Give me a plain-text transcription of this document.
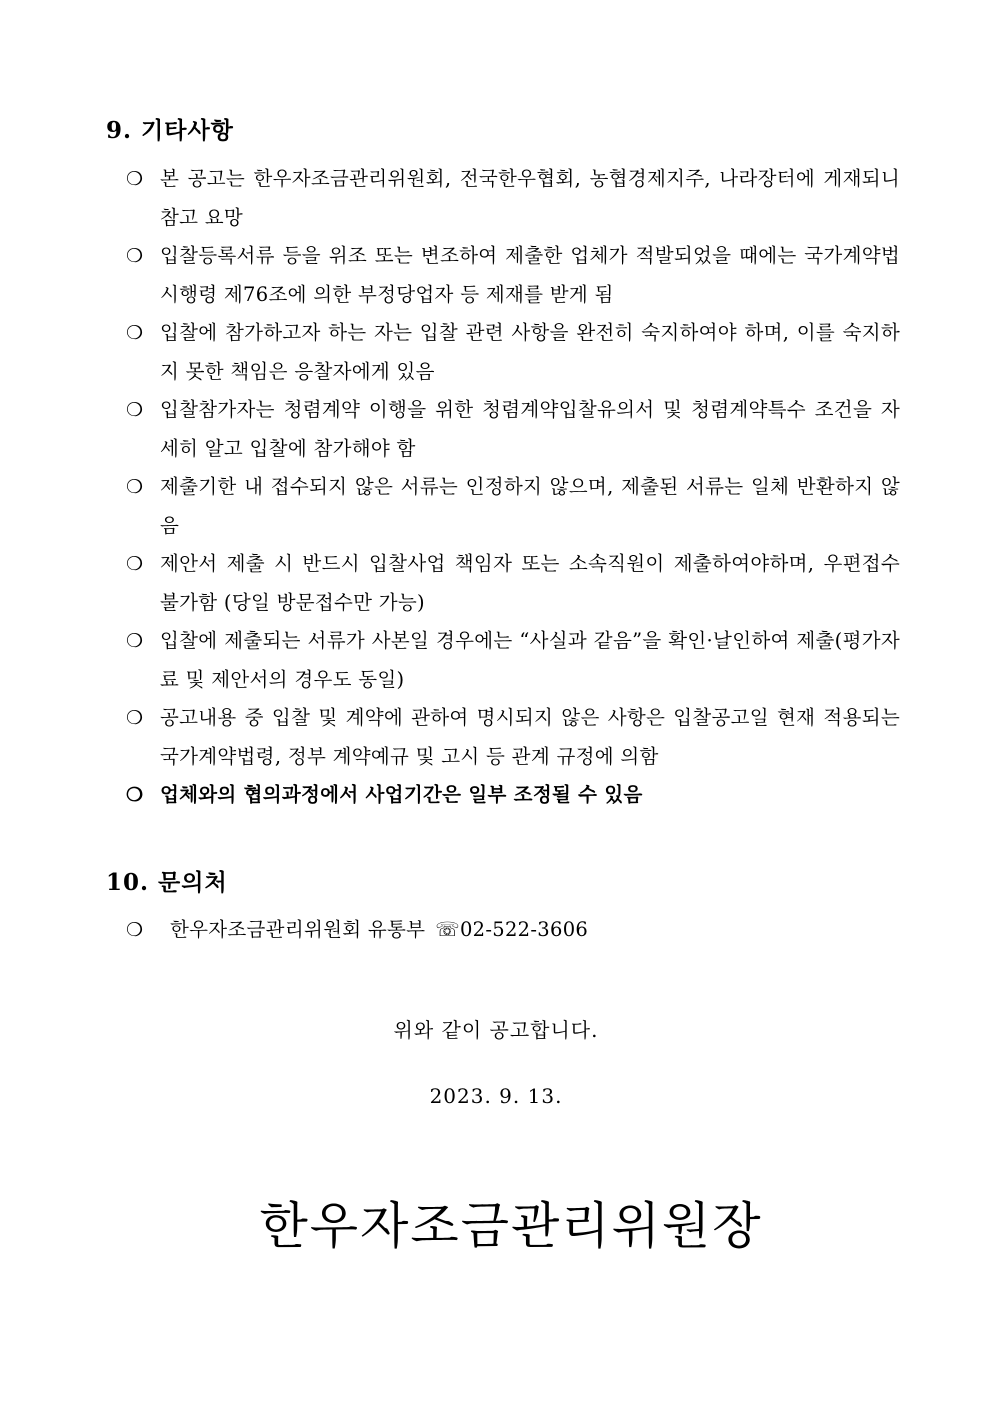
9. 기타사항
❍ 본 공고는 한우자조금관리위원회, 전국한우협회, 농협경제지주, 나라장터에 게재되니 참고 요망
❍ 입찰등록서류 등을 위조 또는 변조하여 제출한 업체가 적발되었을 때에는 국가계약법 시행령 제76조에 의한 부정당업자 등 제재를 받게 됨
❍ 입찰에 참가하고자 하는 자는 입찰 관련 사항을 완전히 숙지하여야 하며, 이를 숙지하지 못한 책임은 응찰자에게 있음
❍ 입찰참가자는 청렴계약 이행을 위한 청렴계약입찰유의서 및 청렴계약특수 조건을 자세히 알고 입찰에 참가해야 함
❍ 제출기한 내 접수되지 않은 서류는 인정하지 않으며, 제출된 서류는 일체 반환하지 않음
❍ 제안서 제출 시 반드시 입찰사업 책임자 또는 소속직원이 제출하여야하며, 우편접수 불가함 (당일 방문접수만 가능)
❍ 입찰에 제출되는 서류가 사본일 경우에는 “사실과 같음”을 확인·날인하여 제출(평가자료 및 제안서의 경우도 동일)
❍ 공고내용 중 입찰 및 계약에 관하여 명시되지 않은 사항은 입찰공고일 현재 적용되는 국가계약법령, 정부 계약예규 및 고시 등 관계 규정에 의함
❍ 업체와의 협의과정에서 사업기간은 일부 조정될 수 있음
10. 문의처
❍ 한우자조금관리위원회 유통부 ☏02-522-3606
위와 같이 공고합니다.
2023. 9. 13.
한우자조금관리위원장
